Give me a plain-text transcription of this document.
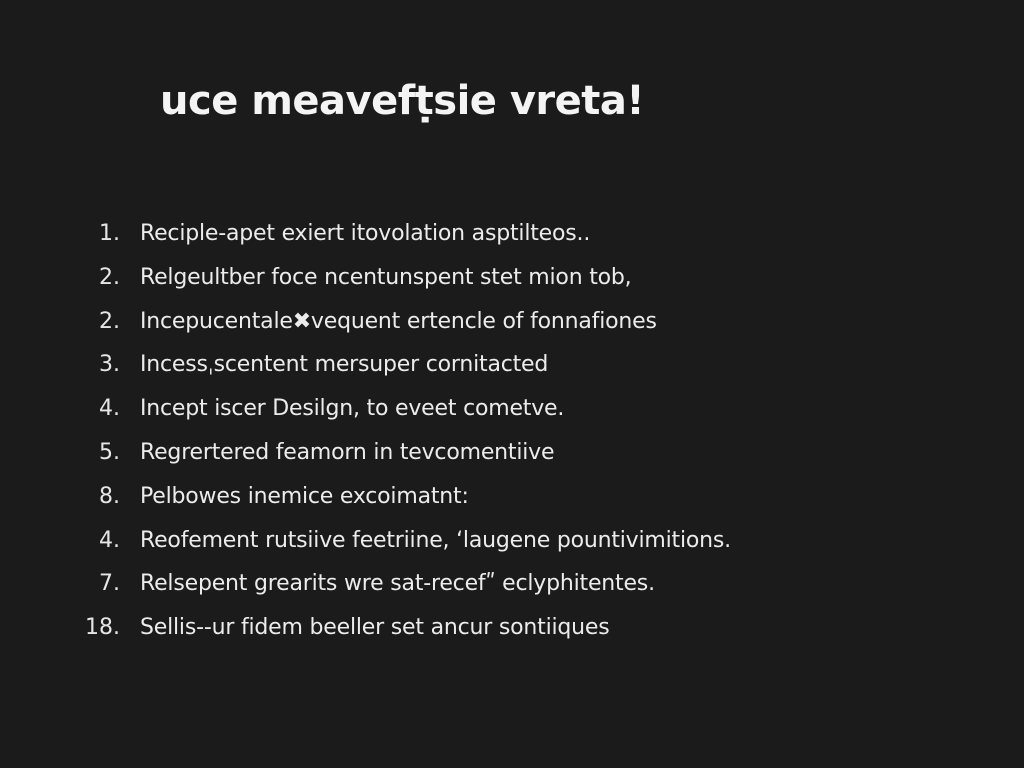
uce meavefṭsie vreta!
1. Reciple-apet exiert itovolation asptilteos..
2. Relgeultber foce ncentunspent stet mion tob,
2. Incepucentale✖vequent ertencle of fonnafiones
3. Incessˌscentent mersuper cornitacted
4. Incept iscer Desilgn, to eveet cometve.
5. Regrertered feamorn in tevcomentiive
8. Pelbowes inemice excoimatnt:
4. Reofement rutsiive feetriine, ‘laugene pountivimitions.
7. Relsepent grearits wre sat-recefʺ eclyphitentes.
18. Sellis--ur fidem beeller set ancur sontiiques
